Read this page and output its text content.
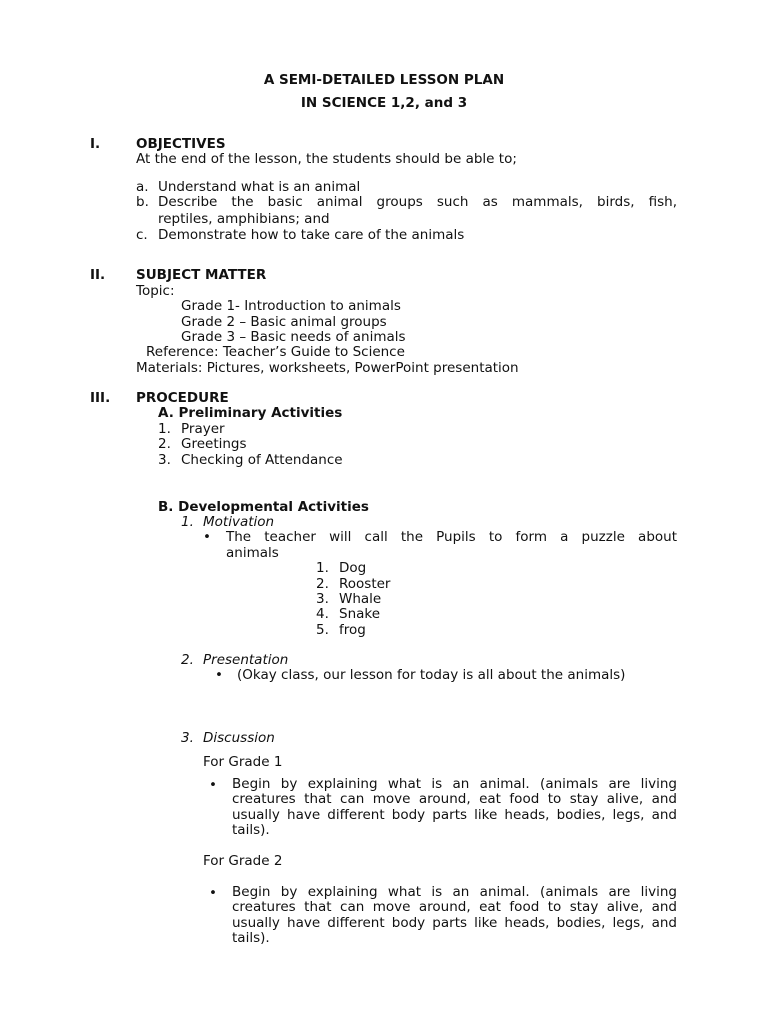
A SEMI-DETAILED LESSON PLAN
IN SCIENCE 1,2, and 3
I.	OBJECTIVES
At the end of the lesson, the students should be able to;
a. Understand what is an animal
b. Describe the basic animal groups such as mammals, birds, fish,
reptiles, amphibians; and
c. Demonstrate how to take care of the animals
II. SUBJECT MATTER
Topic:
Grade 1- Introduction to animals
Grade 2 – Basic animal groups
Grade 3 – Basic needs of animals
Reference: Teacher’s Guide to Science
Materials: Pictures, worksheets, PowerPoint presentation
III. PROCEDURE
A. Preliminary Activities
1. Prayer
2. Greetings
3. Checking of Attendance
B. Developmental Activities
1. Motivation
• The teacher will call the Pupils to form a puzzle about
animals
1. Dog
2. Rooster
3. Whale
4. Snake
5. frog
2. Presentation
• (Okay class, our lesson for today is all about the animals)
3. Discussion
For Grade 1
• Begin by explaining what is an animal. (animals are living creatures that can move around, eat food to stay alive, and usually have different body parts like heads, bodies, legs, and tails).
For Grade 2
• Begin by explaining what is an animal. (animals are living creatures that can move around, eat food to stay alive, and usually have different body parts like heads, bodies, legs, and tails).
